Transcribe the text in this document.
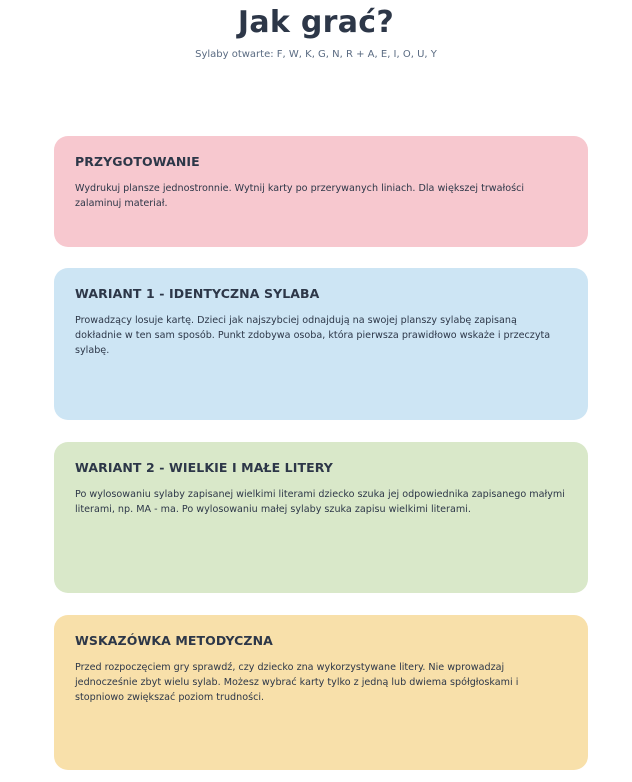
Jak grać?
Sylaby otwarte: F, W, K, G, N, R + A, E, I, O, U, Y
PRZYGOTOWANIE

Wydrukuj plansze jednostronnie. Wytnij karty po przerywanych liniach. Dla większej trwałości zalaminuj materiał.

WARIANT 1 - IDENTYCZNA SYLABA

Prowadzący losuje kartę. Dzieci jak najszybciej odnajdują na swojej planszy sylabę zapisaną dokładnie w ten sam sposób. Punkt zdobywa osoba, która pierwsza prawidłowo wskaże i przeczyta sylabę.

WARIANT 2 - WIELKIE I MAŁE LITERY

Po wylosowaniu sylaby zapisanej wielkimi literami dziecko szuka jej odpowiednika zapisanego małymi literami, np. MA - ma. Po wylosowaniu małej sylaby szuka zapisu wielkimi literami.

WSKAZÓWKA METODYCZNA

Przed rozpoczęciem gry sprawdź, czy dziecko zna wykorzystywane litery. Nie wprowadzaj jednocześnie zbyt wielu sylab. Możesz wybrać karty tylko z jedną lub dwiema spółgłoskami i stopniowo zwiększać poziom trudności.
